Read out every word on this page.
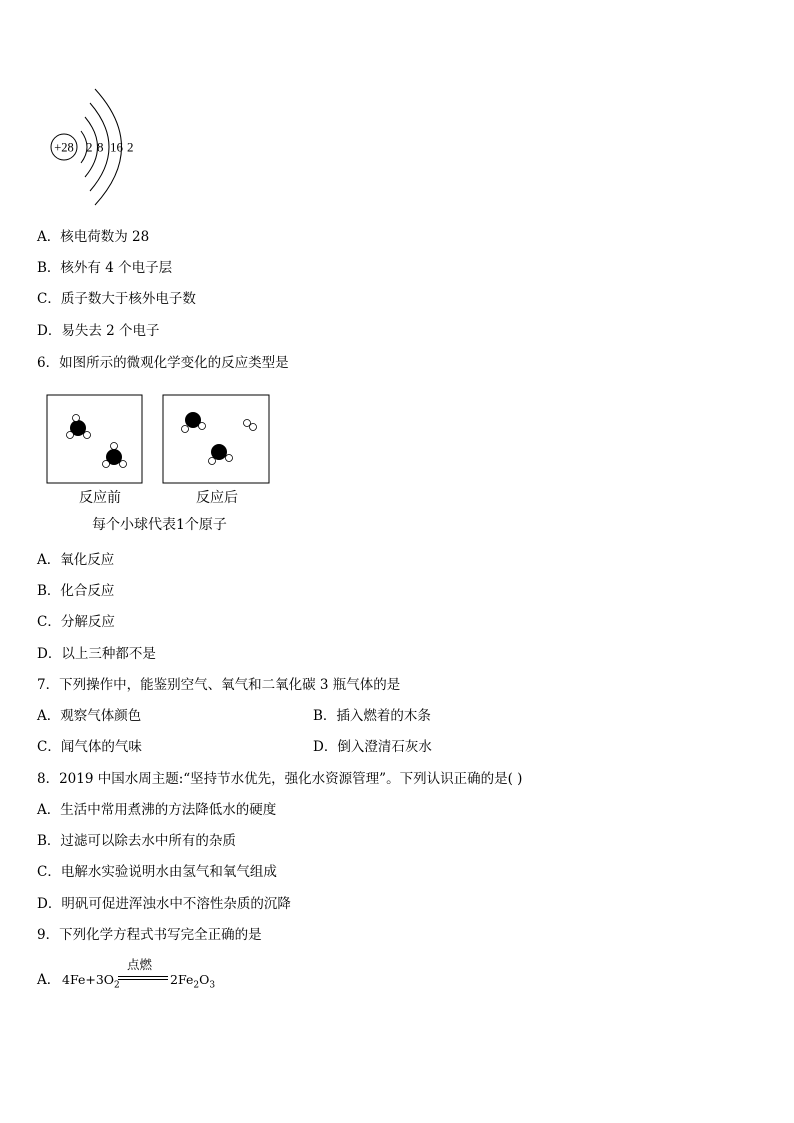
+28 2 8 16 2
A．核电荷数为 28
B．核外有 4 个电子层
C．质子数大于核外电子数
D．易失去 2 个电子
6．如图所示的微观化学变化的反应类型是
反应前	反应后
每个小球代表1个原子
A．氧化反应
B．化合反应
C．分解反应
D．以上三种都不是
7．下列操作中，能鉴别空气、氧气和二氧化碳 3 瓶气体的是
A．观察气体颜色	B．插入燃着的木条
C．闻气体的气味	D．倒入澄清石灰水
8．2019 中国水周主题:“坚持节水优先，强化水资源管理”。下列认识正确的是( )
A．生活中常用煮沸的方法降低水的硬度
B．过滤可以除去水中所有的杂质
C．电解水实验说明水由氢气和氧气组成
D．明矾可促进浑浊水中不溶性杂质的沉降
9．下列化学方程式书写完全正确的是
A． $4Fe+3O_2$
点燃
$2Fe_2O_3$
